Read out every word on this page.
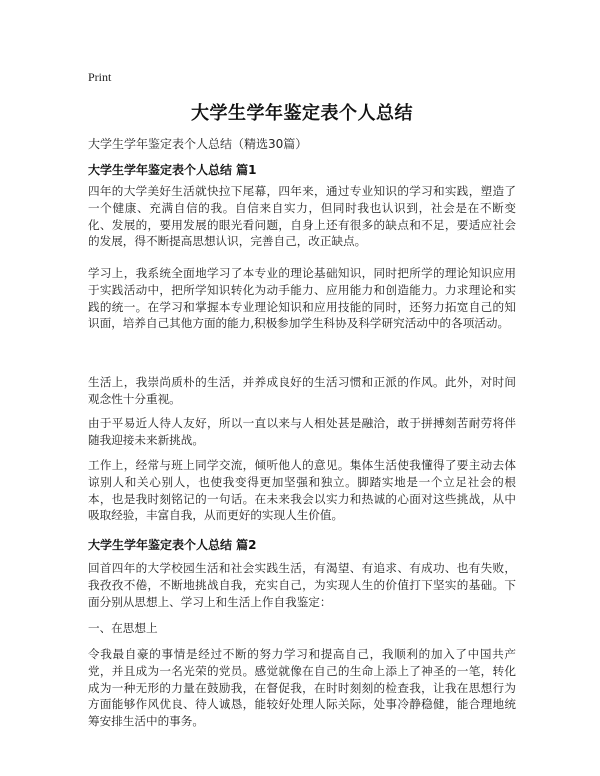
Print
大学生学年鉴定表个人总结
大学生学年鉴定表个人总结（精选30篇）
大学生学年鉴定表个人总结 篇1
四年的大学美好生活就快拉下尾幕，四年来，通过专业知识的学习和实践，塑造了一个健康、充满自信的我。自信来自实力，但同时我也认识到，社会是在不断变化、发展的，要用发展的眼光看问题，自身上还有很多的缺点和不足，要适应社会的发展，得不断提高思想认识，完善自己，改正缺点。
学习上，我系统全面地学习了本专业的理论基础知识，同时把所学的理论知识应用于实践活动中，把所学知识转化为动手能力、应用能力和创造能力。力求理论和实践的统一。在学习和掌握本专业理论知识和应用技能的同时，还努力拓宽自己的知识面，培养自己其他方面的能力,积极参加学生科协及科学研究活动中的各项活动。
生活上，我崇尚质朴的生活，并养成良好的生活习惯和正派的作风。此外，对时间观念性十分重视。
由于平易近人待人友好，所以一直以来与人相处甚是融洽，敢于拼搏刻苦耐劳将伴随我迎接未来新挑战。
工作上，经常与班上同学交流，倾听他人的意见。集体生活使我懂得了要主动去体谅别人和关心别人，也使我变得更加坚强和独立。脚踏实地是一个立足社会的根本，也是我时刻铭记的一句话。在未来我会以实力和热诚的心面对这些挑战，从中吸取经验，丰富自我，从而更好的实现人生价值。
大学生学年鉴定表个人总结 篇2
回首四年的大学校园生活和社会实践生活，有渴望、有追求、有成功、也有失败，我孜孜不倦，不断地挑战自我，充实自己，为实现人生的价值打下坚实的基础。下面分别从思想上、学习上和生活上作自我鉴定：
一、在思想上
令我最自豪的事情是经过不断的努力学习和提高自己，我顺利的加入了中国共产党，并且成为一名光荣的党员。感觉就像在自己的生命上添上了神圣的一笔，转化成为一种无形的力量在鼓励我，在督促我，在时时刻刻的检查我，让我在思想行为方面能够作风优良、待人诚恳，能较好处理人际关际，处事冷静稳健，能合理地统筹安排生活中的事务。
